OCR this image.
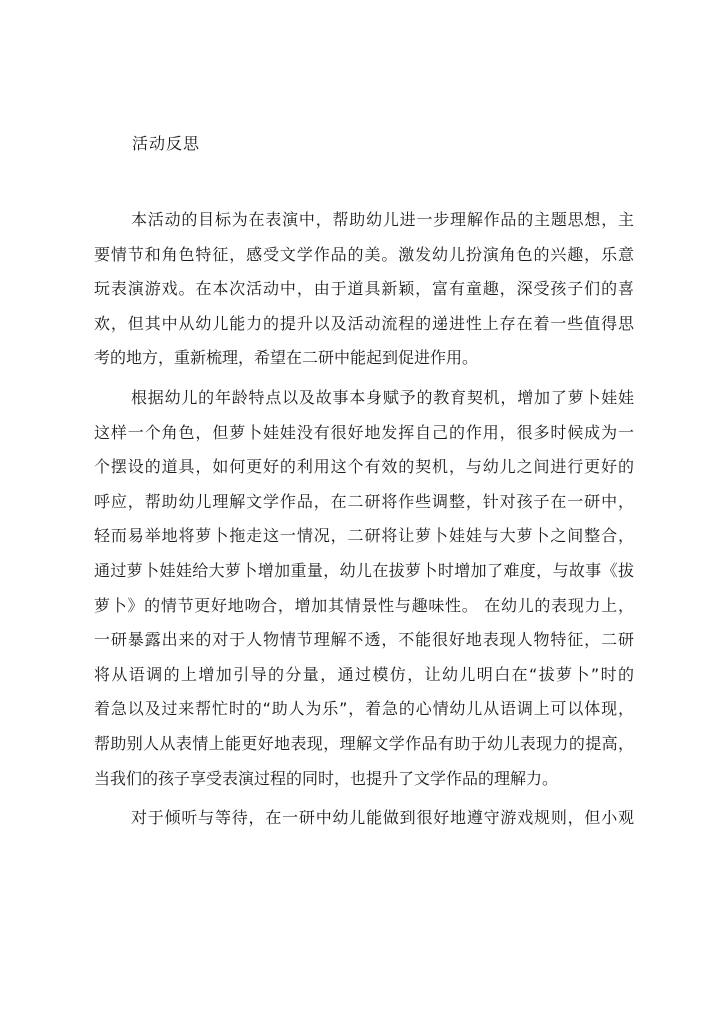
活动反思
本活动的目标为在表演中，帮助幼儿进一步理解作品的主题思想，主
要情节和角色特征，感受文学作品的美。激发幼儿扮演角色的兴趣，乐意
玩表演游戏。在本次活动中，由于道具新颖，富有童趣，深受孩子们的喜
欢，但其中从幼儿能力的提升以及活动流程的递进性上存在着一些值得思
考的地方，重新梳理，希望在二研中能起到促进作用。
根据幼儿的年龄特点以及故事本身赋予的教育契机，增加了萝卜娃娃
这样一个角色，但萝卜娃娃没有很好地发挥自己的作用，很多时候成为一
个摆设的道具，如何更好的利用这个有效的契机，与幼儿之间进行更好的
呼应，帮助幼儿理解文学作品，在二研将作些调整，针对孩子在一研中，
轻而易举地将萝卜拖走这一情况，二研将让萝卜娃娃与大萝卜之间整合，
通过萝卜娃娃给大萝卜增加重量，幼儿在拔萝卜时增加了难度，与故事《拔
萝卜》的情节更好地吻合，增加其情景性与趣味性。 在幼儿的表现力上，
一研暴露出来的对于人物情节理解不透，不能很好地表现人物特征，二研
将从语调的上增加引导的分量，通过模仿，让幼儿明白在“拔萝卜”时的
着急以及过来帮忙时的“助人为乐”，着急的心情幼儿从语调上可以体现，
帮助别人从表情上能更好地表现，理解文学作品有助于幼儿表现力的提高，
当我们的孩子享受表演过程的同时，也提升了文学作品的理解力。
对于倾听与等待，在一研中幼儿能做到很好地遵守游戏规则，但小观
